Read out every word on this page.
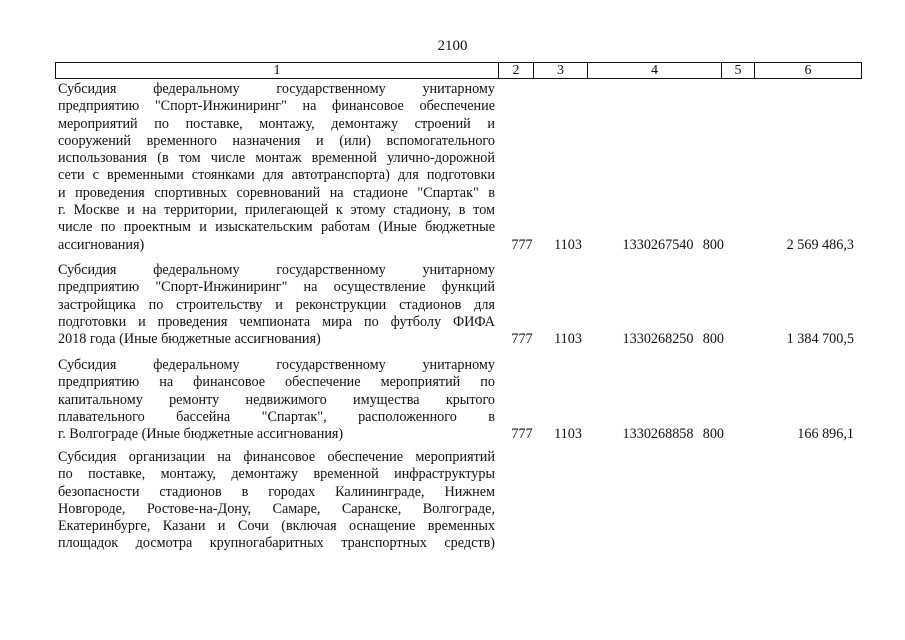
2100
1	2	3	4	5	6
Субсидия федеральному государственному унитарному
предприятию "Спорт-Инжиниринг" на финансовое обеспечение
мероприятий по поставке, монтажу, демонтажу строений и
сооружений временного назначения и (или) вспомогательного
использования (в том числе монтаж временной улично-дорожной
сети с временными стоянками для автотранспорта) для подготовки
и проведения спортивных соревнований на стадионе "Спартак" в
г. Москве и на территории, прилегающей к этому стадиону, в том
числе по проектным и изыскательским работам (Иные бюджетные
ассигнования)	777	1103	1330267540 800	2 569 486,3
Субсидия федеральному государственному унитарному
предприятию "Спорт-Инжиниринг" на осуществление функций
застройщика по строительству и реконструкции стадионов для
подготовки и проведения чемпионата мира по футболу ФИФА
2018 года (Иные бюджетные ассигнования)	777	1103	1330268250 800	1 384 700,5
Субсидия федеральному государственному унитарному
предприятию на финансовое обеспечение мероприятий по
капитальному ремонту недвижимого имущества крытого
плавательного бассейна "Спартак", расположенного в
г. Волгограде (Иные бюджетные ассигнования)	777	1103	1330268858 800	166 896,1
Субсидия организации на финансовое обеспечение мероприятий
по поставке, монтажу, демонтажу временной инфраструктуры
безопасности стадионов в городах Калининграде, Нижнем
Новгороде, Ростове-на-Дону, Самаре, Саранске, Волгограде,
Екатеринбурге, Казани и Сочи (включая оснащение временных
площадок досмотра крупногабаритных транспортных средств)
